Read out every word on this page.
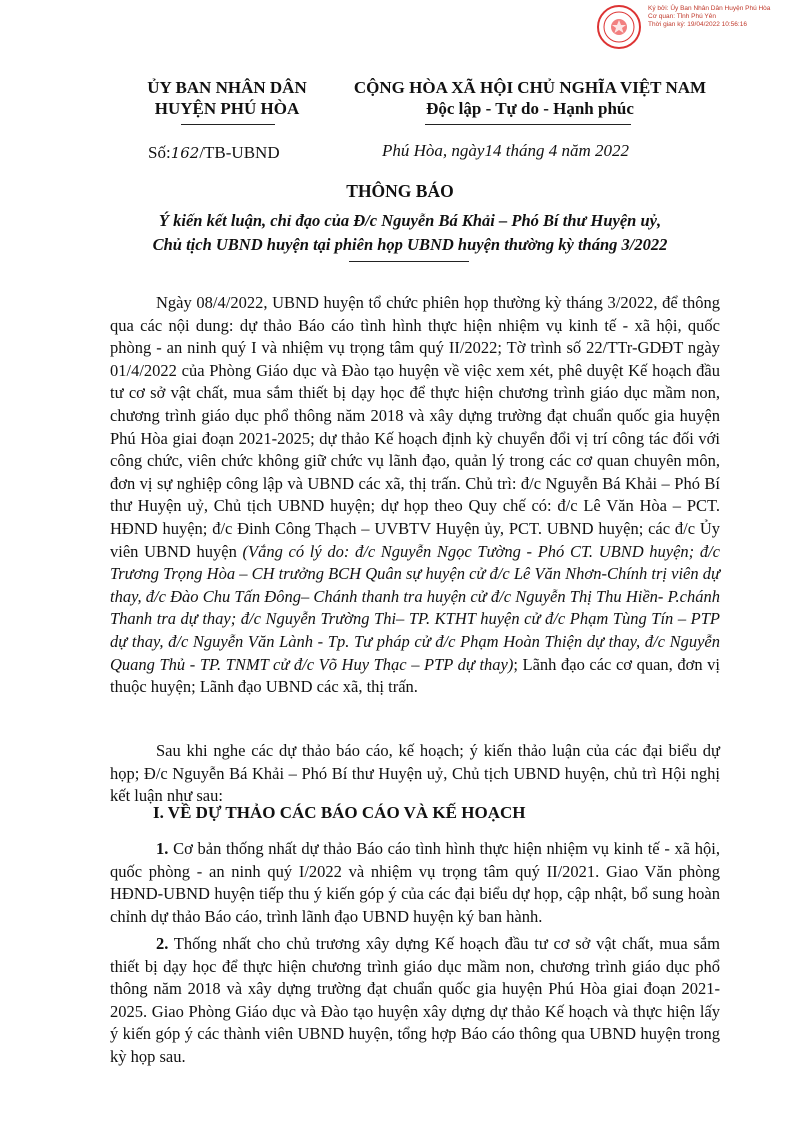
Ký bởi: Ủy Ban Nhân Dân Huyện Phú Hòa
Cơ quan: Tỉnh Phú Yên
Thời gian ký: 19/04/2022 10:56:16
ỦY BAN NHÂN DÂN
HUYỆN PHÚ HÒA
CỘNG HÒA XÃ HỘI CHỦ NGHĨA VIỆT NAM
Độc lập - Tự do - Hạnh phúc
Số:162/TB-UBND	Phú Hòa, ngày14 tháng 4 năm 2022
THÔNG BÁO
Ý kiến kết luận, chỉ đạo của Đ/c Nguyễn Bá Khải – Phó Bí thư Huyện uỷ,
Chủ tịch UBND huyện tại phiên họp UBND huyện thường kỳ tháng 3/2022

Ngày 08/4/2022, UBND huyện tổ chức phiên họp thường kỳ tháng 3/2022, để thông qua các nội dung: dự thảo Báo cáo tình hình thực hiện nhiệm vụ kinh tế - xã hội, quốc phòng - an ninh quý I và nhiệm vụ trọng tâm quý II/2022; Tờ trình số 22/TTr-GDĐT ngày 01/4/2022 của Phòng Giáo dục và Đào tạo huyện về việc xem xét, phê duyệt Kế hoạch đầu tư cơ sở vật chất, mua sắm thiết bị dạy học để thực hiện chương trình giáo dục mầm non, chương trình giáo dục phổ thông năm 2018 và xây dựng trường đạt chuẩn quốc gia huyện Phú Hòa giai đoạn 2021-2025; dự thảo Kế hoạch định kỳ chuyển đổi vị trí công tác đối với công chức, viên chức không giữ chức vụ lãnh đạo, quản lý trong các cơ quan chuyên môn, đơn vị sự nghiệp công lập và UBND các xã, thị trấn. Chủ trì: đ/c Nguyễn Bá Khải – Phó Bí thư Huyện uỷ, Chủ tịch UBND huyện; dự họp theo Quy chế có: đ/c Lê Văn Hòa – PCT. HĐND huyện; đ/c Đinh Công Thạch – UVBTV Huyện ủy, PCT. UBND huyện; các đ/c Ủy viên UBND huyện (Vắng có lý do: đ/c Nguyễn Ngọc Tường - Phó CT. UBND huyện; đ/c Trương Trọng Hòa – CH trưởng BCH Quân sự huyện cử đ/c Lê Văn Nhơn-Chính trị viên dự thay, đ/c Đào Chu Tấn Đông– Chánh thanh tra huyện cử đ/c Nguyễn Thị Thu Hiền- P.chánh Thanh tra dự thay; đ/c Nguyễn Trường Thi– TP. KTHT huyện cử đ/c Phạm Tùng Tín – PTP dự thay, đ/c Nguyễn Văn Lành - Tp. Tư pháp cử đ/c Phạm Hoàn Thiện dự thay, đ/c Nguyễn Quang Thủ - TP. TNMT cử đ/c Võ Huy Thạc – PTP dự thay); Lãnh đạo các cơ quan, đơn vị thuộc huyện; Lãnh đạo UBND các xã, thị trấn.

Sau khi nghe các dự thảo báo cáo, kế hoạch; ý kiến thảo luận của các đại biểu dự họp; Đ/c Nguyễn Bá Khải – Phó Bí thư Huyện uỷ, Chủ tịch UBND huyện, chủ trì Hội nghị kết luận như sau:

I. VỀ DỰ THẢO CÁC BÁO CÁO VÀ KẾ HOẠCH

1. Cơ bản thống nhất dự thảo Báo cáo tình hình thực hiện nhiệm vụ kinh tế - xã hội, quốc phòng - an ninh quý I/2022 và nhiệm vụ trọng tâm quý II/2021. Giao Văn phòng HĐND-UBND huyện tiếp thu ý kiến góp ý của các đại biểu dự họp, cập nhật, bổ sung hoàn chỉnh dự thảo Báo cáo, trình lãnh đạo UBND huyện ký ban hành.

2. Thống nhất cho chủ trương xây dựng Kế hoạch đầu tư cơ sở vật chất, mua sắm thiết bị dạy học để thực hiện chương trình giáo dục mầm non, chương trình giáo dục phổ thông năm 2018 và xây dựng trường đạt chuẩn quốc gia huyện Phú Hòa giai đoạn 2021-2025. Giao Phòng Giáo dục và Đào tạo huyện xây dựng dự thảo Kế hoạch và thực hiện lấy ý kiến góp ý các thành viên UBND huyện, tổng hợp Báo cáo thông qua UBND huyện trong kỳ họp sau.
